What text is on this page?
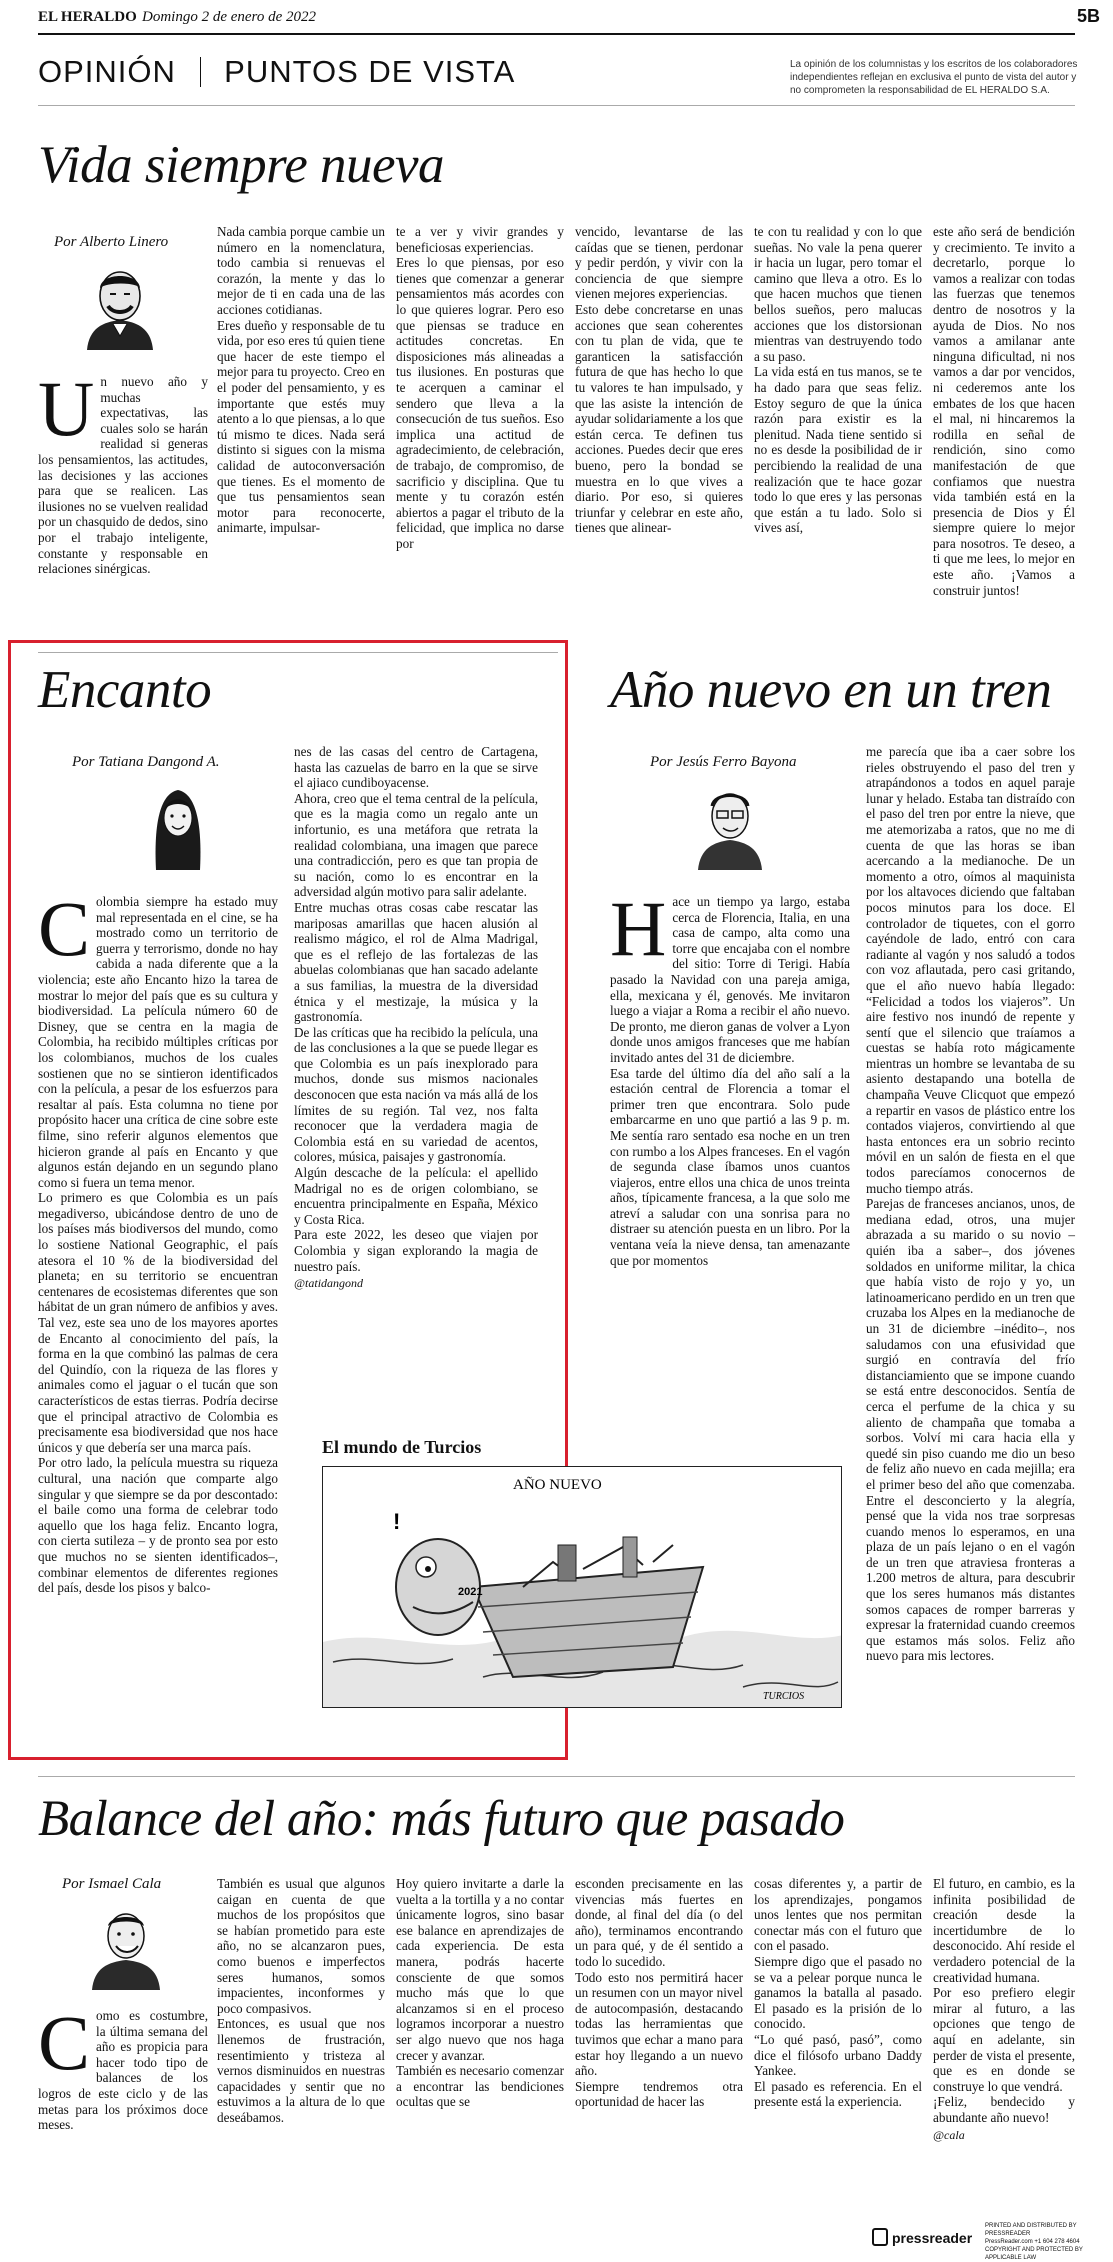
EL HERALDO Domingo 2 de enero de 2022	5B
OPINIÓN PUNTOS DE VISTA	La opinión de los columnistas y los escritos de los colaboradores independientes reflejan en exclusiva el punto de vista del autor y no comprometen la responsabilidad de EL HERALDO S.A.
Vida siempre nueva
Por Alberto Linero
U n nuevo año y muchas expectativas, las cuales solo se harán realidad si generas los pensamientos, las actitudes, las decisiones y las acciones para que se realicen. Las ilusiones no se vuelven realidad por un chasquido de dedos, sino por el trabajo inteligente, constante y responsable en relaciones sinérgicas.

Nada cambia porque cambie un número en la nomenclatura, todo cambia si renuevas el corazón, la mente y das lo mejor de ti en cada una de las acciones cotidianas.
Eres dueño y responsable de tu vida, por eso eres tú quien tiene que hacer de este tiempo el mejor para tu proyecto. Creo en el poder del pensamiento, y es importante que estés muy atento a lo que piensas, a lo que tú mismo te dices. Nada será distinto si sigues con la misma calidad de autoconversación que tienes. Es el momento de que tus pensamientos sean motor para reconocerte, animarte, impulsar-

te a ver y vivir grandes y beneficiosas experiencias.
Eres lo que piensas, por eso tienes que comenzar a generar pensamientos más acordes con lo que quieres lograr. Pero eso que piensas se traduce en actitudes concretas. En disposiciones más alineadas a tus ilusiones. En posturas que te acerquen a caminar el sendero que lleva a la consecución de tus sueños. Eso implica una actitud de agradecimiento, de celebración, de trabajo, de compromiso, de sacrificio y disciplina. Que tu mente y tu corazón estén abiertos a pagar el tributo de la felicidad, que implica no darse por

vencido, levantarse de las caídas que se tienen, perdonar y pedir perdón, y vivir con la conciencia de que siempre vienen mejores experiencias.
Esto debe concretarse en unas acciones que sean coherentes con tu plan de vida, que te garanticen la satisfacción futura de que has hecho lo que tu valores te han impulsado, y que las asiste la intención de ayudar solidariamente a los que están cerca. Te definen tus acciones. Puedes decir que eres bueno, pero la bondad se muestra en lo que vives a diario. Por eso, si quieres triunfar y celebrar en este año, tienes que alinear-

te con tu realidad y con lo que sueñas. No vale la pena querer ir hacia un lugar, pero tomar el camino que lleva a otro. Es lo que hacen muchos que tienen bellos sueños, pero malucas acciones que los distorsionan mientras van destruyendo todo a su paso.
La vida está en tus manos, se te ha dado para que seas feliz. Estoy seguro de que la única razón para existir es la plenitud. Nada tiene sentido si no es desde la posibilidad de ir percibiendo la realidad de una realización que te hace gozar todo lo que eres y las personas que están a tu lado. Solo si vives así,

este año será de bendición y crecimiento. Te invito a decretarlo, porque lo vamos a realizar con todas las fuerzas que tenemos dentro de nosotros y la ayuda de Dios. No nos vamos a amilanar ante ninguna dificultad, ni nos vamos a dar por vencidos, ni cederemos ante los embates de los que hacen el mal, ni hincaremos la rodilla en señal de rendición, sino como manifestación de que confiamos que nuestra vida también está en la presencia de Dios y Él siempre quiere lo mejor para nosotros. Te deseo, a ti que me lees, lo mejor en este año. ¡Vamos a construir juntos!

Encanto
Por Tatiana Dangond A.
C olombia siempre ha estado muy mal representada en el cine, se ha mostrado como un territorio de guerra y terrorismo, donde no hay cabida a nada diferente que a la violencia; este año Encanto hizo la tarea de mostrar lo mejor del país que es su cultura y biodiversidad. La película número 60 de Disney, que se centra en la magia de Colombia, ha recibido múltiples críticas por los colombianos, muchos de los cuales sostienen que no se sintieron identificados con la película, a pesar de los esfuerzos para resaltar al país. Esta columna no tiene por propósito hacer una crítica de cine sobre este filme, sino referir algunos elementos que hicieron grande al país en Encanto y que algunos están dejando en un segundo plano como si fuera un tema menor.
Lo primero es que Colombia es un país megadiverso, ubicándose dentro de uno de los países más biodiversos del mundo, como lo sostiene National Geographic, el país atesora el 10 % de la biodiversidad del planeta; en su territorio se encuentran centenares de ecosistemas diferentes que son hábitat de un gran número de anfibios y aves. Tal vez, este sea uno de los mayores aportes de Encanto al conocimiento del país, la forma en la que combinó las palmas de cera del Quindío, con la riqueza de las flores y animales como el jaguar o el tucán que son característicos de estas tierras. Podría decirse que el principal atractivo de Colombia es precisamente esa biodiversidad que nos hace únicos y que debería ser una marca país.
Por otro lado, la película muestra su riqueza cultural, una nación que comparte algo singular y que siempre se da por descontado: el baile como una forma de celebrar todo aquello que los haga feliz. Encanto logra, con cierta sutileza – y de pronto sea por esto que muchos no se sienten identificados–, combinar elementos de diferentes regiones del país, desde los pisos y balco-

nes de las casas del centro de Cartagena, hasta las cazuelas de barro en la que se sirve el ajiaco cundiboyacense.
Ahora, creo que el tema central de la película, que es la magia como un regalo ante un infortunio, es una metáfora que retrata la realidad colombiana, una imagen que parece una contradicción, pero es que tan propia de su nación, como lo es encontrar en la adversidad algún motivo para salir adelante.
Entre muchas otras cosas cabe rescatar las mariposas amarillas que hacen alusión al realismo mágico, el rol de Alma Madrigal, que es el reflejo de las fortalezas de las abuelas colombianas que han sacado adelante a sus familias, la muestra de la diversidad étnica y el mestizaje, la música y la gastronomía.
De las críticas que ha recibido la película, una de las conclusiones a la que se puede llegar es que Colombia es un país inexplorado para muchos, donde sus mismos nacionales desconocen que esta nación va más allá de los límites de su región. Tal vez, nos falta reconocer que la verdadera magia de Colombia está en su variedad de acentos, colores, música, paisajes y gastronomía.
Algún descache de la película: el apellido Madrigal no es de origen colombiano, se encuentra principalmente en España, México y Costa Rica.
Para este 2022, les deseo que viajen por Colombia y sigan explorando la magia de nuestro país.

@tatidangond

El mundo de Turcios
AÑO NUEVO
2021
!
TURCIOS
Año nuevo en un tren
Por Jesús Ferro Bayona
H ace un tiempo ya largo, estaba cerca de Florencia, Italia, en una casa de campo, alta como una torre que encajaba con el nombre del sitio: Torre di Terigi. Había pasado la Navidad con una pareja amiga, ella, mexicana y él, genovés. Me invitaron luego a viajar a Roma a recibir el año nuevo. De pronto, me dieron ganas de volver a Lyon donde unos amigos franceses que me habían invitado antes del 31 de diciembre.
Esa tarde del último día del año salí a la estación central de Florencia a tomar el primer tren que encontrara. Solo pude embarcarme en uno que partió a las 9 p. m. Me sentía raro sentado esa noche en un tren con rumbo a los Alpes franceses. En el vagón de segunda clase íbamos unos cuantos viajeros, entre ellos una chica de unos treinta años, típicamente francesa, a la que solo me atreví a saludar con una sonrisa para no distraer su atención puesta en un libro. Por la ventana veía la nieve densa, tan amenazante que por momentos

me parecía que iba a caer sobre los rieles obstruyendo el paso del tren y atrapándonos a todos en aquel paraje lunar y helado. Estaba tan distraído con el paso del tren por entre la nieve, que me atemorizaba a ratos, que no me di cuenta de que las horas se iban acercando a la medianoche. De un momento a otro, oímos al maquinista por los altavoces diciendo que faltaban pocos minutos para los doce. El controlador de tiquetes, con el gorro cayéndole de lado, entró con cara radiante al vagón y nos saludó a todos con voz aflautada, pero casi gritando, que el año nuevo había llegado: “Felicidad a todos los viajeros”. Un aire festivo nos inundó de repente y sentí que el silencio que traíamos a cuestas se había roto mágicamente mientras un hombre se levantaba de su asiento destapando una botella de champaña Veuve Clicquot que empezó a repartir en vasos de plástico entre los contados viajeros, convirtiendo al que hasta entonces era un sobrio recinto móvil en un salón de fiesta en el que todos parecíamos conocernos de mucho tiempo atrás.
Parejas de franceses ancianos, unos, de mediana edad, otros, una mujer abrazada a su marido o su novio –quién iba a saber–, dos jóvenes soldados en uniforme militar, la chica que había visto de rojo y yo, un latinoamericano perdido en un tren que cruzaba los Alpes en la medianoche de un 31 de diciembre –inédito–, nos saludamos con una efusividad que surgió en contravía del frío distanciamiento que se impone cuando se está entre desconocidos. Sentía de cerca el perfume de la chica y su aliento de champaña que tomaba a sorbos. Volví mi cara hacia ella y quedé sin piso cuando me dio un beso de feliz año nuevo en cada mejilla; era el primer beso del año que comenzaba. Entre el desconcierto y la alegría, pensé que la vida nos trae sorpresas cuando menos lo esperamos, en una plaza de un país lejano o en el vagón de un tren que atraviesa fronteras a 1.200 metros de altura, para descubrir que los seres humanos más distantes somos capaces de romper barreras y expresar la fraternidad cuando creemos que estamos más solos. Feliz año nuevo para mis lectores.

Balance del año: más futuro que pasado
Por Ismael Cala
C omo es costumbre, la última semana del año es propicia para hacer todo tipo de balances de los logros de este ciclo y de las metas para los próximos doce meses.

También es usual que algunos caigan en cuenta de que muchos de los propósitos que se habían prometido para este año, no se alcanzaron pues, como buenos e imperfectos seres humanos, somos impacientes, inconformes y poco compasivos.
Entonces, es usual que nos llenemos de frustración, resentimiento y tristeza al vernos disminuidos en nuestras capacidades y sentir que no estuvimos a la altura de lo que deseábamos.

Hoy quiero invitarte a darle la vuelta a la tortilla y a no contar únicamente logros, sino basar ese balance en aprendizajes de cada experiencia. De esta manera, podrás hacerte consciente de que somos mucho más que lo que alcanzamos si en el proceso logramos incorporar a nuestro ser algo nuevo que nos haga crecer y avanzar.
También es necesario comenzar a encontrar las bendiciones ocultas que se

esconden precisamente en las vivencias más fuertes en donde, al final del día (o del año), terminamos encontrando un para qué, y de él sentido a todo lo sucedido.
Todo esto nos permitirá hacer un resumen con un mayor nivel de autocompasión, destacando todas las herramientas que tuvimos que echar a mano para estar hoy llegando a un nuevo año.
Siempre tendremos otra oportunidad de hacer las

cosas diferentes y, a partir de los aprendizajes, pongamos unos lentes que nos permitan conectar más con el futuro que con el pasado.
Siempre digo que el pasado no se va a pelear porque nunca le ganamos la batalla al pasado. El pasado es la prisión de lo conocido.
“Lo qué pasó, pasó”, como dice el filósofo urbano Daddy Yankee.
El pasado es referencia. En el presente está la experiencia.

El futuro, en cambio, es la infinita posibilidad de creación desde la incertidumbre de lo desconocido. Ahí reside el verdadero potencial de la creatividad humana.
Por eso prefiero elegir mirar al futuro, a las opciones que tengo de aquí en adelante, sin perder de vista el presente, que es en donde se construye lo que vendrá.
¡Feliz, bendecido y abundante año nuevo!

@cala

pressreader
PRINTED AND DISTRIBUTED BY PRESSREADER
PressReader.com +1 604 278 4604
COPYRIGHT AND PROTECTED BY APPLICABLE LAW
